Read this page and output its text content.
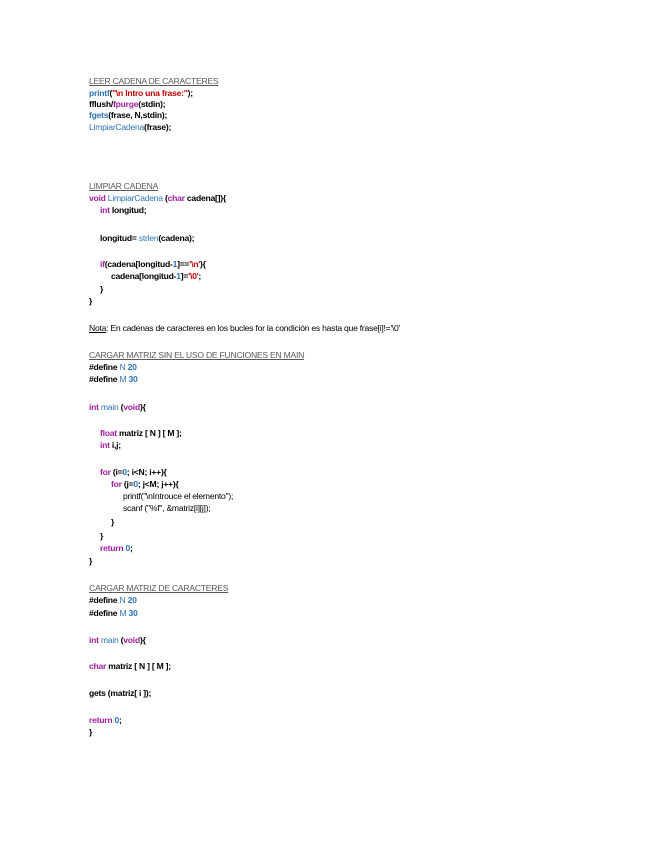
LEER CADENA DE CARACTERES
printf("\n Intro una frase:");
fflush/fpurge(stdin);
fgets(frase, N,stdin);
LimpiarCadena(frase);
LIMPIAR CADENA
void LimpiarCadena (char cadena[]){
int longitud;
longitud= strlen(cadena);
if(cadena[longitud-1]=='\n'){
cadena[longitud-1]='\0';
}
}
Nota: En cadenas de caracteres en los bucles for la condición es hasta que frase[i]!='\0'
CARGAR MATRIZ SIN EL USO DE FUNCIONES EN MAIN
#define N 20
#define M 30
int main (void){
float matriz [ N ] [ M ];
int i,j;
for (i=0; i<N; i++){
for (j=0; j<M; j++){
printf("\nIntrouce el elemento");
scanf ("%f", &matriz[i][j]);
}
}
return 0;
}
CARGAR MATRIZ DE CARACTERES
#define N 20
#define M 30
int main (void){
char matriz [ N ] [ M ];
gets (matriz[ i ]);
return 0;
}
